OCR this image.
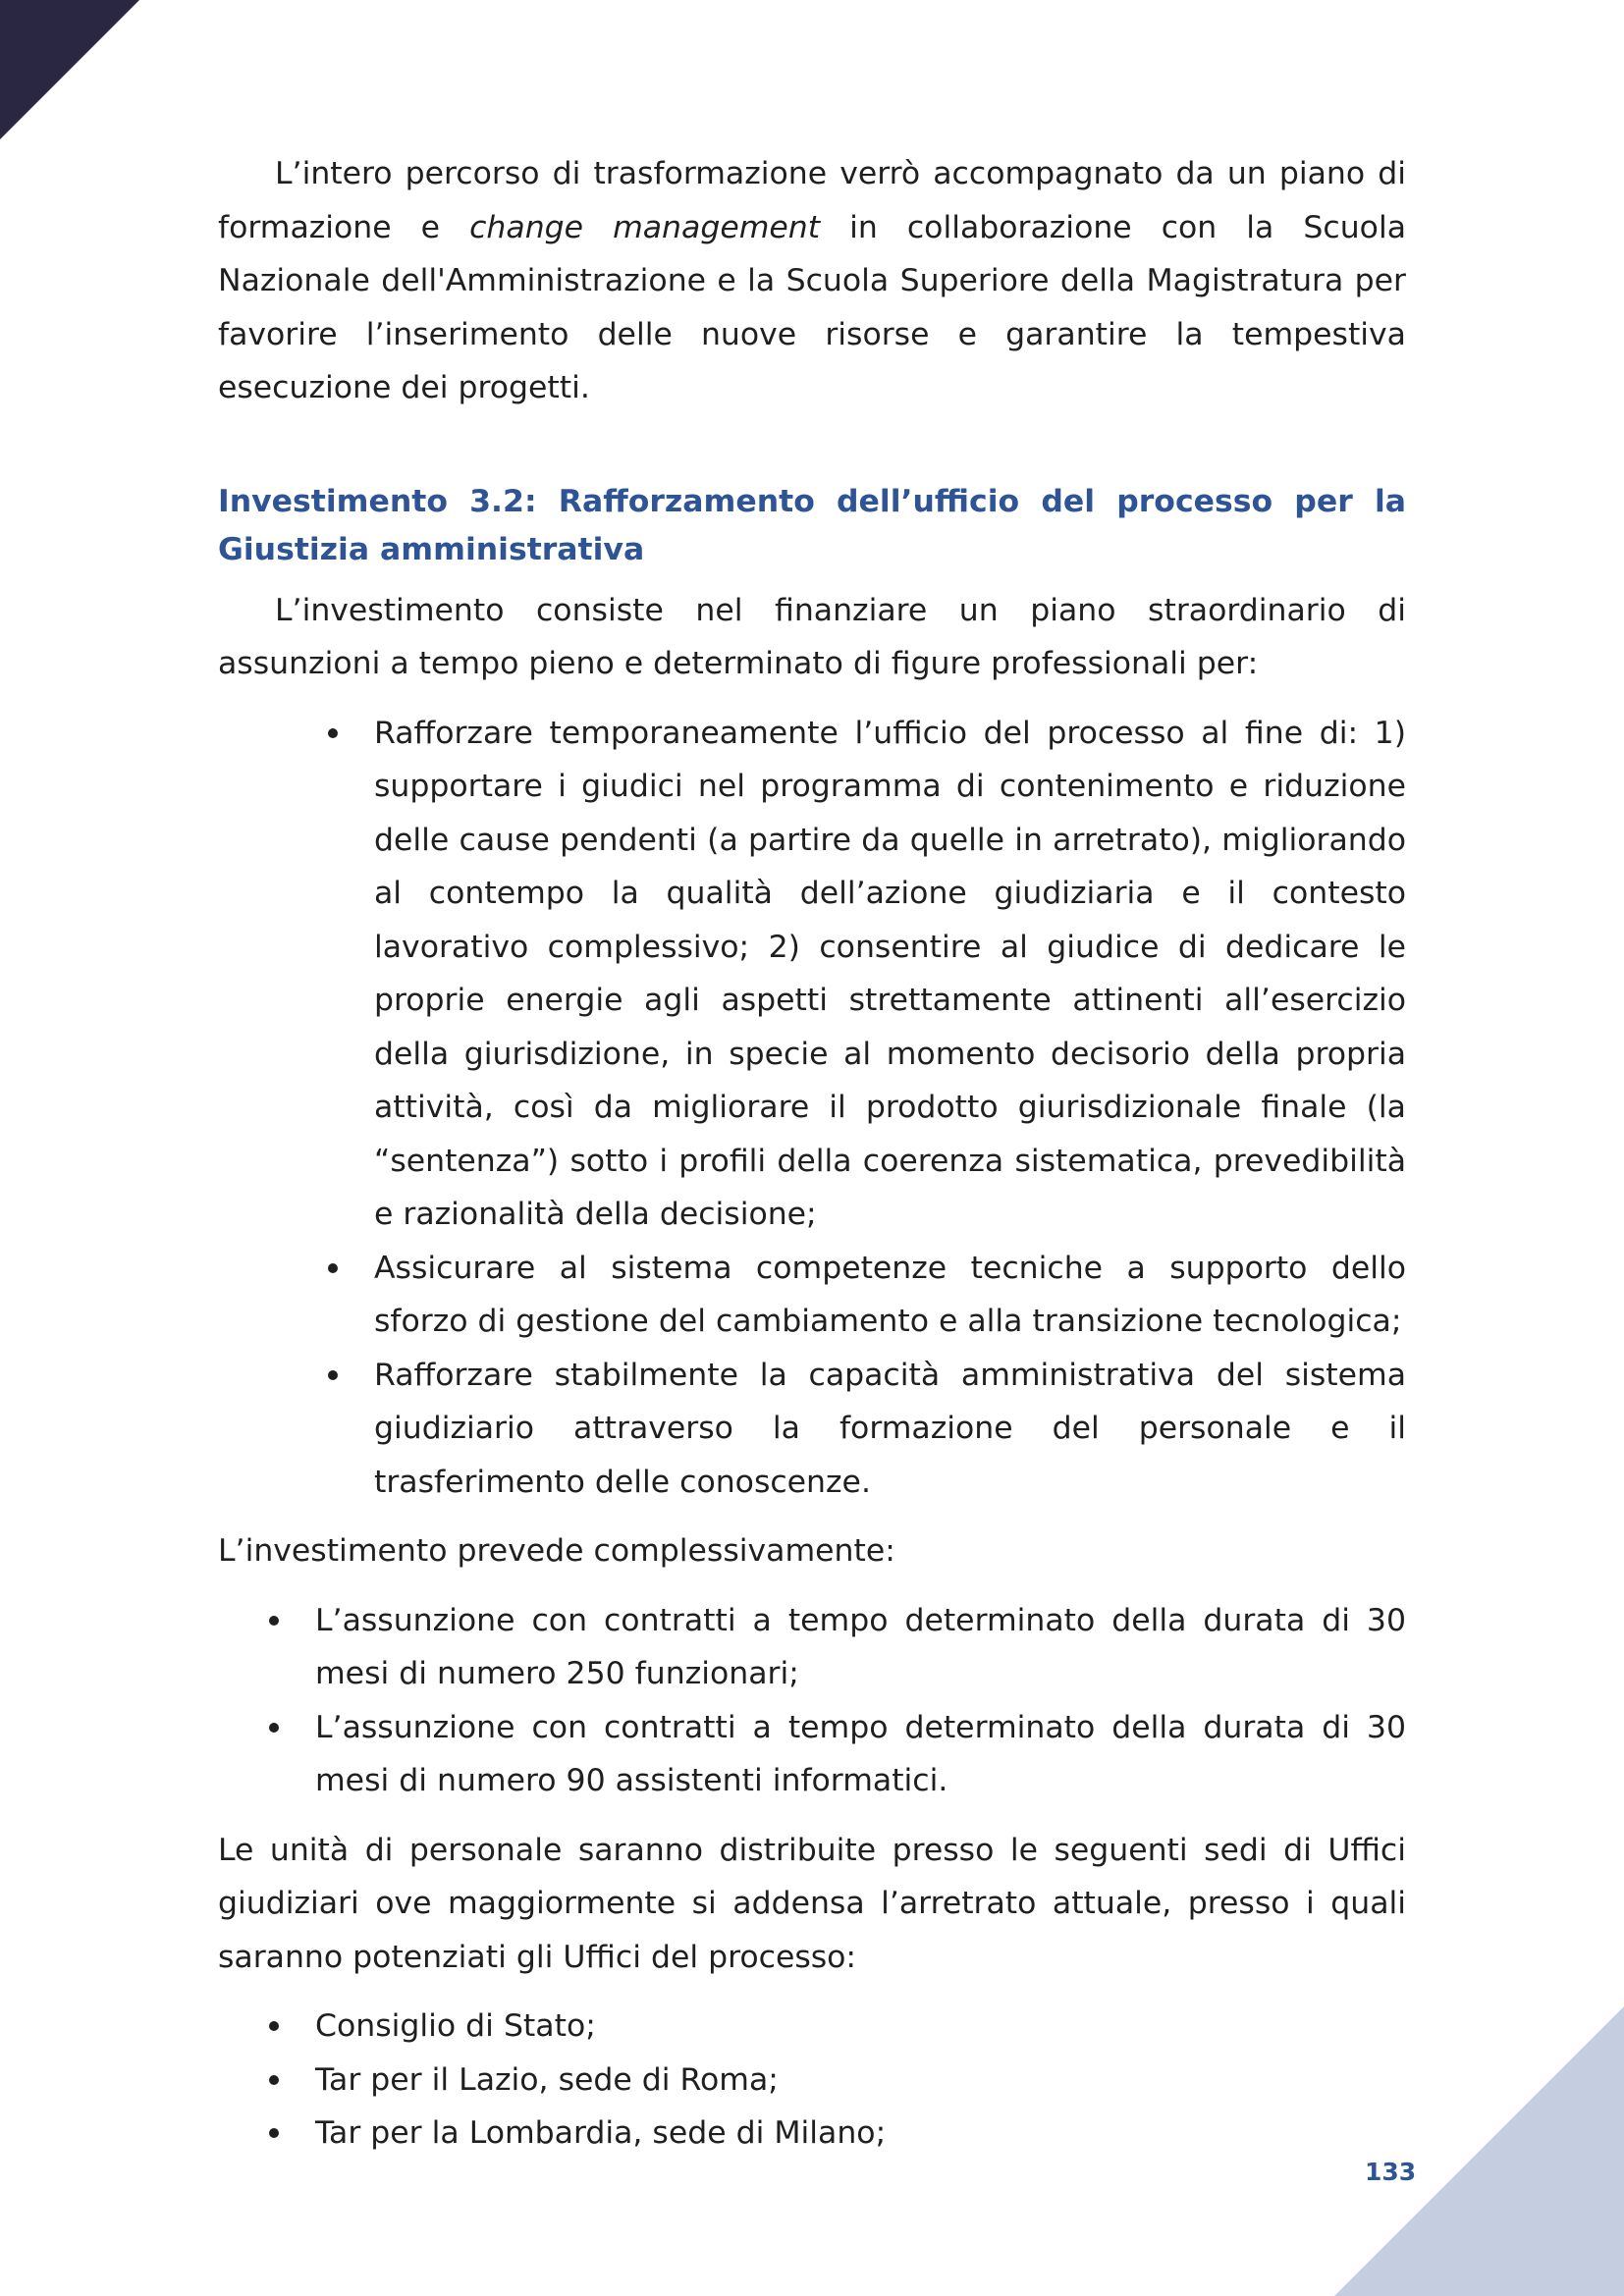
L’intero percorso di trasformazione verrò accompagnato da un piano di formazione e change management in collaborazione con la Scuola Nazionale dell'Amministrazione e la Scuola Superiore della Magistratura per favorire l’inserimento delle nuove risorse e garantire la tempestiva esecuzione dei progetti.

Investimento 3.2: Rafforzamento dell’ufficio del processo per la Giustizia amministrativa

L’investimento consiste nel finanziare un piano straordinario di assunzioni a tempo pieno e determinato di figure professionali per:

Rafforzare temporaneamente l’ufficio del processo al fine di: 1) supportare i giudici nel programma di contenimento e riduzione delle cause pendenti (a partire da quelle in arretrato), migliorando al contempo la qualità dell’azione giudiziaria e il contesto lavorativo complessivo; 2) consentire al giudice di dedicare le proprie energie agli aspetti strettamente attinenti all’esercizio della giurisdizione, in specie al momento decisorio della propria attività, così da migliorare il prodotto giurisdizionale finale (la “sentenza”) sotto i profili della coerenza sistematica, prevedibilità e razionalità della decisione;
Assicurare al sistema competenze tecniche a supporto dello sforzo di gestione del cambiamento e alla transizione tecnologica;
Rafforzare stabilmente la capacità amministrativa del sistema giudiziario attraverso la formazione del personale e il trasferimento delle conoscenze.

L’investimento prevede complessivamente:

L’assunzione con contratti a tempo determinato della durata di 30 mesi di numero 250 funzionari;
L’assunzione con contratti a tempo determinato della durata di 30 mesi di numero 90 assistenti informatici.

Le unità di personale saranno distribuite presso le seguenti sedi di Uffici giudiziari ove maggiormente si addensa l’arretrato attuale, presso i quali saranno potenziati gli Uffici del processo:

Consiglio di Stato;
Tar per il Lazio, sede di Roma;
Tar per la Lombardia, sede di Milano;
133
